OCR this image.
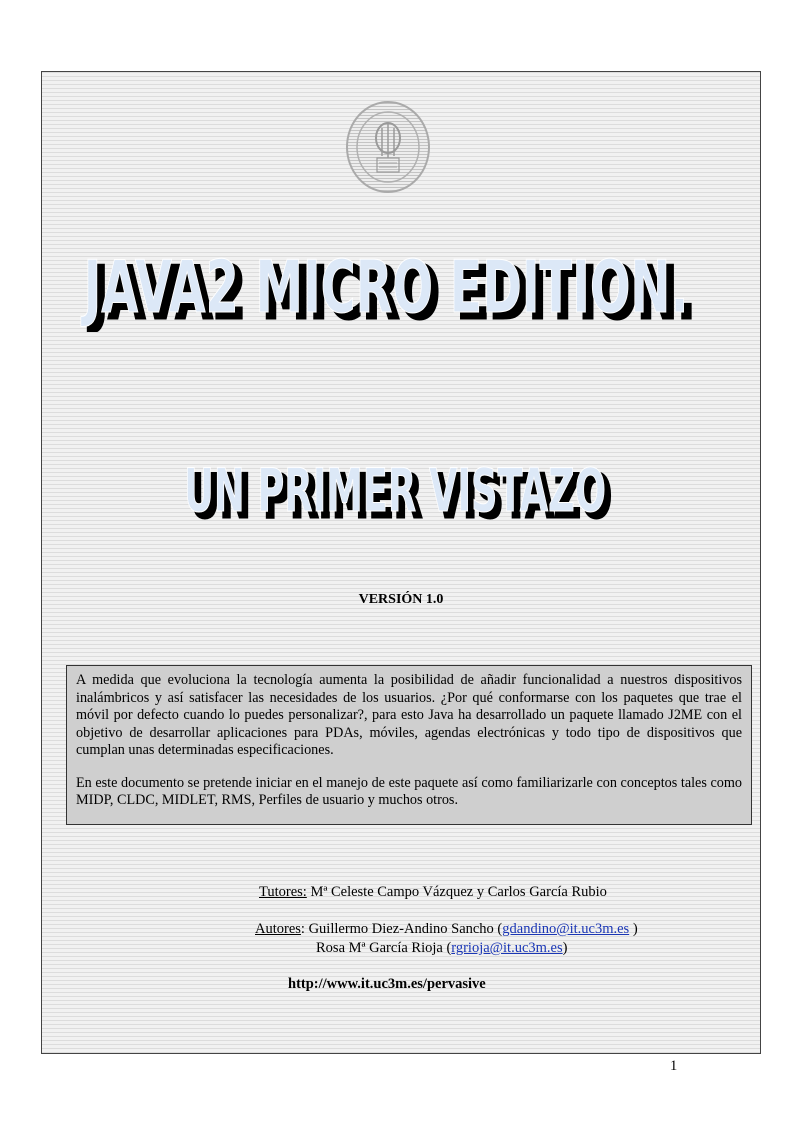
JAVA2 MICRO EDITION.
JAVA2 MICRO EDITION.
UN PRIMER VISTAZO
UN PRIMER VISTAZO
VERSIÓN 1.0

A medida que evoluciona la tecnología aumenta la posibilidad de añadir funcionalidad a nuestros dispositivos inalámbricos y así satisfacer las necesidades de los usuarios. ¿Por qué conformarse con los paquetes que trae el móvil por defecto cuando lo puedes personalizar?, para esto Java ha desarrollado un paquete llamado J2ME con el objetivo de desarrollar aplicaciones para PDAs, móviles, agendas electrónicas y todo tipo de dispositivos que cumplan unas determinadas especificaciones.

En este documento se pretende iniciar en el manejo de este paquete así como familiarizarle con conceptos tales como MIDP, CLDC, MIDLET, RMS, Perfiles de usuario y muchos otros.

Tutores: Mª Celeste Campo Vázquez y Carlos García Rubio
Autores: Guillermo Diez-Andino Sancho (gdandino@it.uc3m.es )
Rosa Mª García Rioja (rgrioja@it.uc3m.es)
http://www.it.uc3m.es/pervasive
1
